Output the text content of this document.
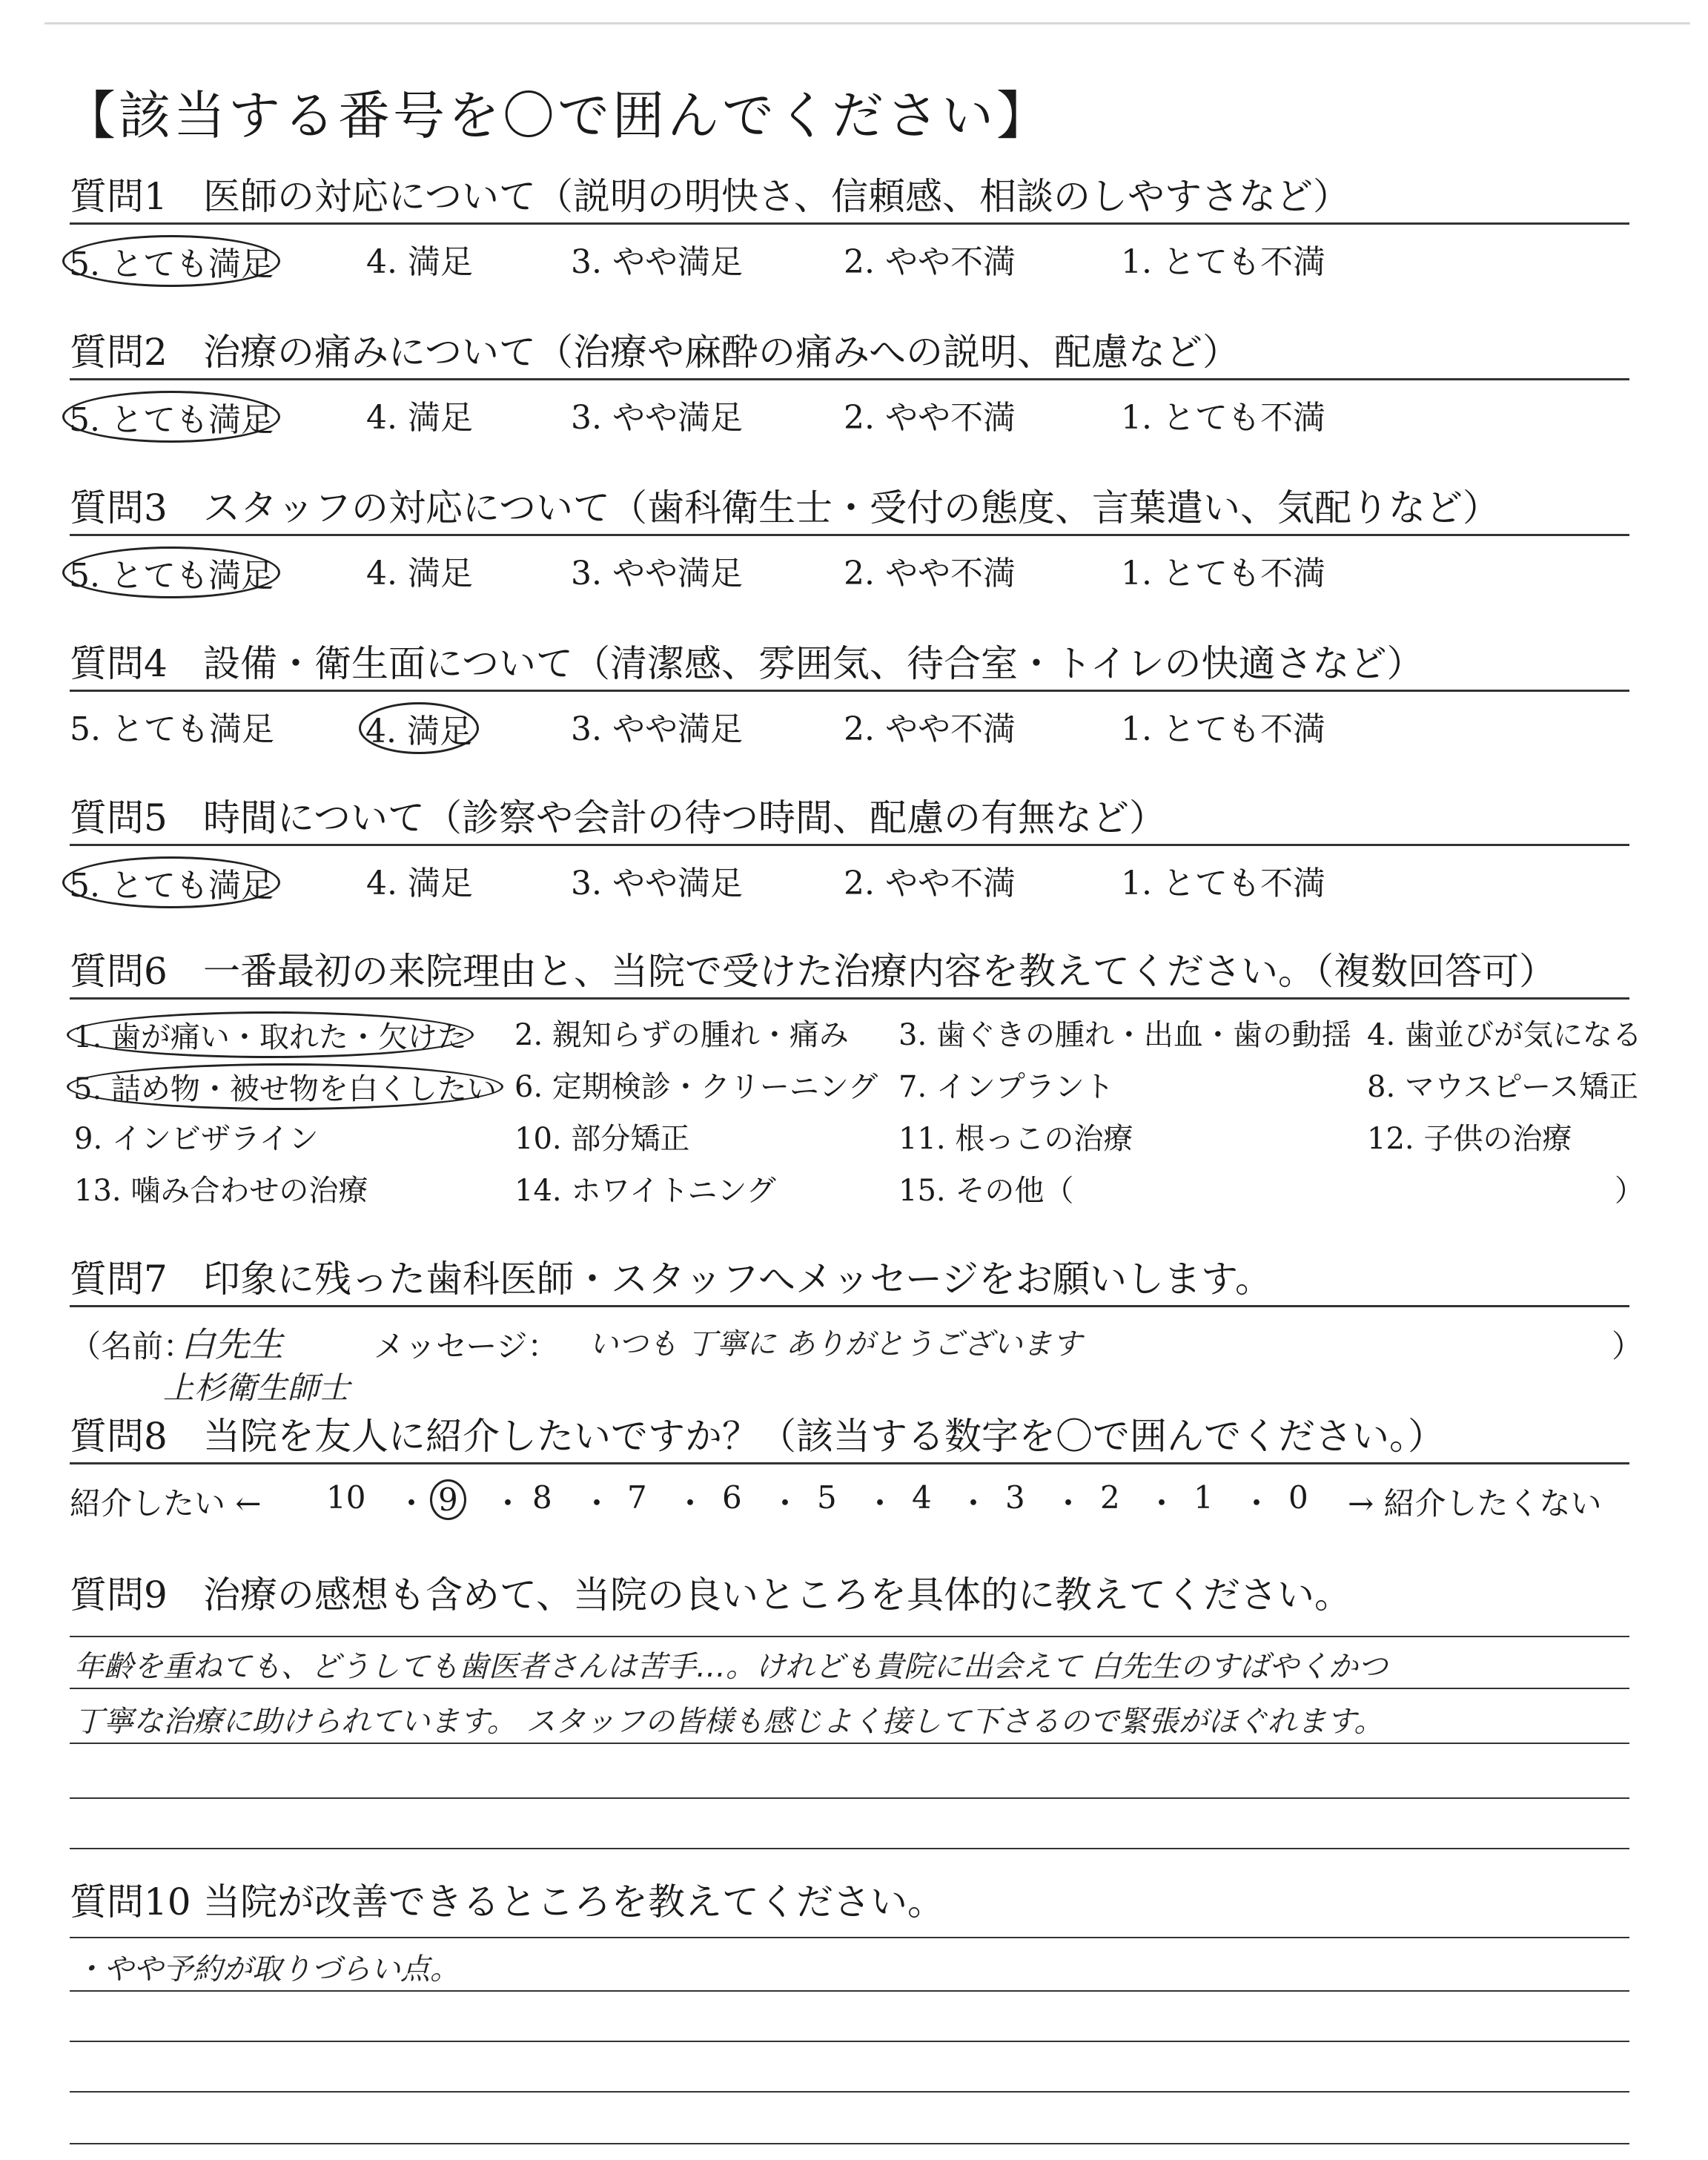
【該当する番号を〇で囲んでください】
質問1 医師の対応について（説明の明快さ、信頼感、相談のしやすさなど）
5. とても満足	4. 満足	3. やや満足	2. やや不満	1. とても不満
質問2 治療の痛みについて（治療や麻酔の痛みへの説明、配慮など）
5. とても満足	4. 満足	3. やや満足	2. やや不満	1. とても不満
質問3 スタッフの対応について（歯科衛生士・受付の態度、言葉遣い、気配りなど）
5. とても満足	4. 満足	3. やや満足	2. やや不満	1. とても不満
質問4 設備・衛生面について（清潔感、雰囲気、待合室・トイレの快適さなど）
5. とても満足	4. 満足	3. やや満足	2. やや不満	1. とても不満
質問5 時間について（診察や会計の待つ時間、配慮の有無など）
5. とても満足	4. 満足	3. やや満足	2. やや不満	1. とても不満
質問6 一番最初の来院理由と、当院で受けた治療内容を教えてください。（複数回答可）
1. 歯が痛い・取れた・欠けた 2. 親知らずの腫れ・痛み 3. 歯ぐきの腫れ・出血・歯の動揺 4. 歯並びが気になる
5. 詰め物・被せ物を白くしたい 6. 定期検診・クリーニング 7. インプラント	8. マウスピース矯正
9. インビザライン	10. 部分矯正	11. 根っこの治療	12. 子供の治療
13. 噛み合わせの治療	14. ホワイトニング	15. その他（	）
質問7 印象に残った歯科医師・スタッフへメッセージをお願いします。
（名前：
白先生
上杉衛生師士
メッセージ： いつも 丁寧に ありがとうございます	）
質問8 当院を友人に紹介したいですか？（該当する数字を〇で囲んでください。）
紹介したい ← 10 ・ 9 ・ 8 ・ 7 ・ 6 ・ 5 ・ 4 ・ 3 ・ 2 ・ 1 ・ 0 → 紹介したくない
質問9 治療の感想も含めて、当院の良いところを具体的に教えてください。
年齢を重ねても、どうしても歯医者さんは苦手…。けれども貴院に出会えて 白先生のすばやくかつ
丁寧な治療に助けられています。 スタッフの皆様も感じよく接して下さるので緊張がほぐれます。
質問10 当院が改善できるところを教えてください。
・やや予約が取りづらい点。
